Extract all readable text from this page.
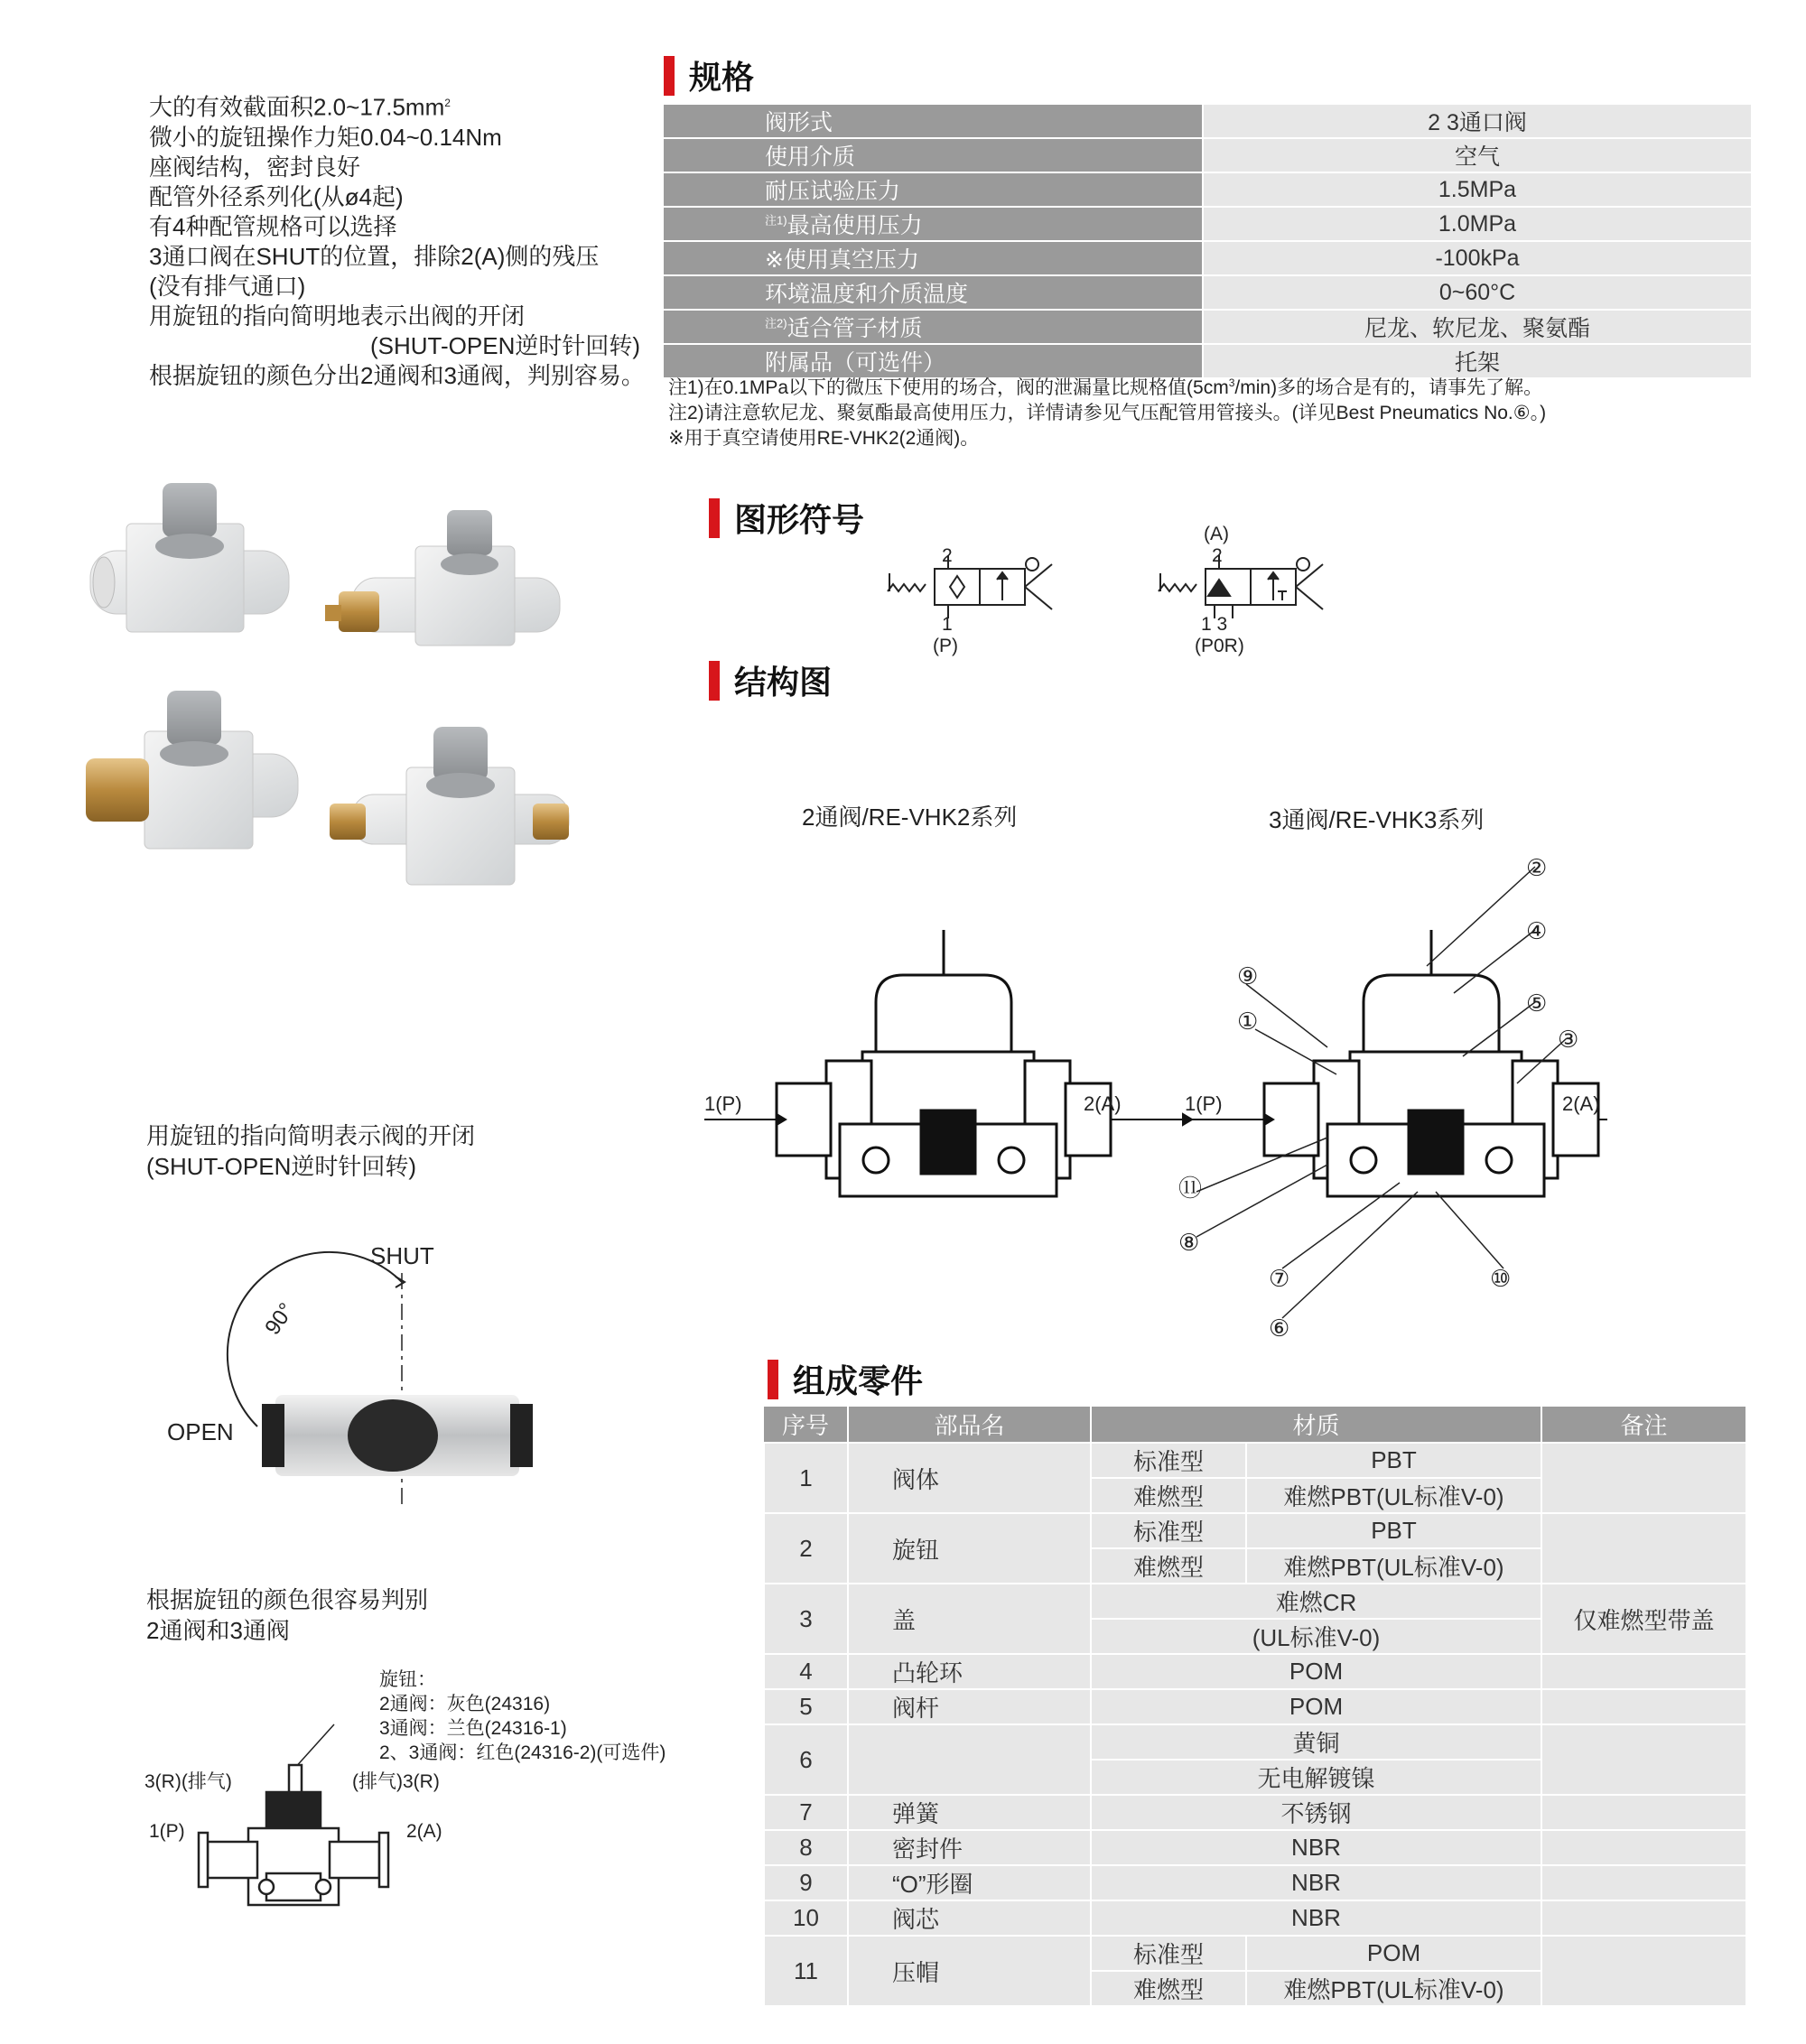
大的有效截面积$2.0\sim 17.5mm^2$
微小的旋钮操作力矩0.04~0.14Nm
座阀结构，密封良好
配管外径系列化(从ø4起)
有4种配管规格可以选择
3通口阀在SHUT的位置，排除2(A)侧的残压
(没有排气通口)
用旋钮的指向简明地表示出阀的开闭
(SHUT-OPEN逆时针回转)
根据旋钮的颜色分出2通阀和3通阀，判别容易。
规格
阀形式	2 3通口阀
使用介质	空气
耐压试验压力	1.5MPa
$^{注1)}$最高使用压力	1.0MPa
※使用真空压力	-100kPa
环境温度和介质温度	0~60°C
$^{注2)}$适合管子材质	尼龙、软尼龙、聚氨酯
附属品（可选件）	托架
注1)在0.1MPa以下的微压下使用的场合，阀的泄漏量比规格值$(5cm^3/\min)$多的场合是有的，请事先了解。
注2)请注意软尼龙、聚氨酯最高使用压力，详情请参见气压配管用管接头。(详见Best Pneumatics No.⑥。)
※用于真空请使用RE-VHK2(2通阀)。
图形符号
2
1
(P)
(A)
2
1 3
(P0R)
结构图
2通阀/RE-VHK2系列	3通阀/RE-VHK3系列
1(P)	2(A)	1(P)	2(A)
②
④
⑨
⑤
①
③
⑪
⑧
⑦	⑩
⑥
用旋钮的指向简明表示阀的开闭
(SHUT-OPEN逆时针回转)
SHUT
OPEN
90°
根据旋钮的颜色很容易判别
2通阀和3通阀
旋钮：
2通阀：灰色(24316)
3通阀：兰色(24316-1)
2、3通阀：红色(24316-2)(可选件)
3(R)(排气)	(排气)3(R)
1(P)	2(A)
组成零件
序号	部品名	材质		备注
1	阀体	标准型	PBT	
		难燃型	难燃PBT(UL标准V-0)	
2	旋钮	标准型	PBT	
		难燃型	难燃PBT(UL标准V-0)	
3	盖	难燃CR		仅难燃型带盖
		(UL标准V-0)		
4	凸轮环	POM		
5	阀杆	POM		
6		黄铜		
		无电解镀镍		
7	弹簧	不锈钢		
8	密封件	NBR		
9	“O”形圈	NBR		
10	阀芯	NBR		
11	压帽	标准型	POM	
		难燃型	难燃PBT(UL标准V-0)	
